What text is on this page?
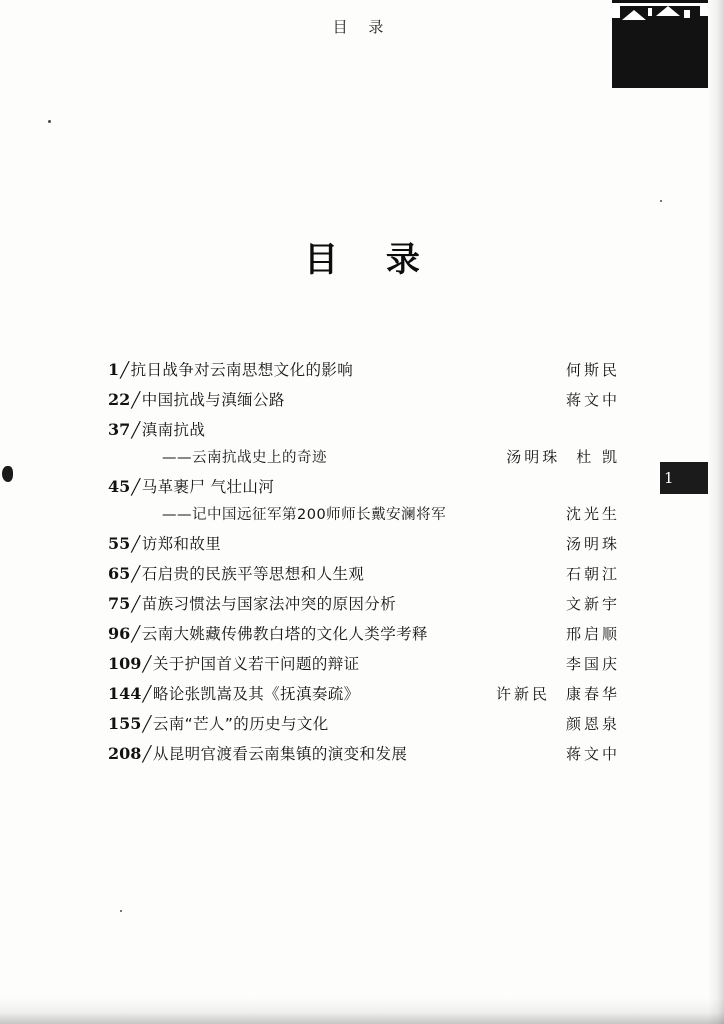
目 录
1
目 录
1╱抗日战争对云南思想文化的影响	何斯民
22╱中国抗战与滇缅公路	蒋文中
37╱滇南抗战
——云南抗战史上的奇迹	汤明珠 杜 凯
45╱马革裹尸 气壮山河
——记中国远征军第200师师长戴安澜将军	沈光生
55╱访郑和故里	汤明珠
65╱石启贵的民族平等思想和人生观	石朝江
75╱苗族习惯法与国家法冲突的原因分析	文新宇
96╱云南大姚藏传佛教白塔的文化人类学考释	邢启顺
109╱关于护国首义若干问题的辩证	李国庆
144╱略论张凯嵩及其《抚滇奏疏》	许新民 康春华
155╱云南“芒人”的历史与文化	颜恩泉
208╱从昆明官渡看云南集镇的演变和发展	蒋文中
